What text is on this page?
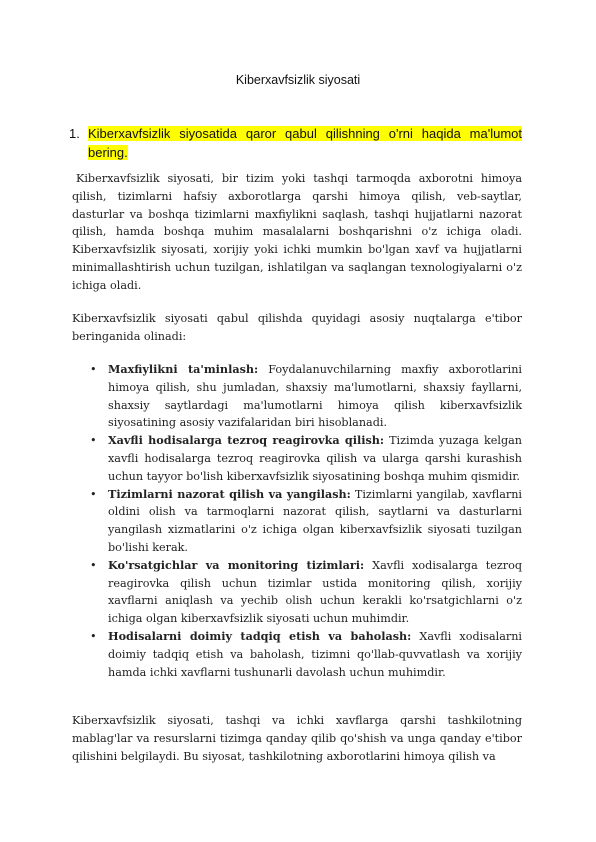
Kiberxavfsizlik siyosati
1. Kiberxavfsizlik siyosatida qaror qabul qilishning o'rni haqida ma'lumot bering.
Kiberxavfsizlik siyosati, bir tizim yoki tashqi tarmoqda axborotni himoya qilish, tizimlarni hafsiy axborotlarga qarshi himoya qilish, veb-saytlar, dasturlar va boshqa tizimlarni maxfiylikni saqlash, tashqi hujjatlarni nazorat qilish, hamda boshqa muhim masalalarni boshqarishni o'z ichiga oladi. Kiberxavfsizlik siyosati, xorijiy yoki ichki mumkin bo'lgan xavf va hujjatlarni minimallashtirish uchun tuzilgan, ishlatilgan va saqlangan texnologiyalarni o'z ichiga oladi.
Kiberxavfsizlik siyosati qabul qilishda quyidagi asosiy nuqtalarga e'tibor beringanida olinadi:
• Maxfiylikni ta'minlash: Foydalanuvchilarning maxfiy axborotlarini himoya qilish, shu jumladan, shaxsiy ma'lumotlarni, shaxsiy fayllarni, shaxsiy saytlardagi ma'lumotlarni himoya qilish kiberxavfsizlik siyosatining asosiy vazifalaridan biri hisoblanadi.
• Xavfli hodisalarga tezroq reagirovka qilish: Tizimda yuzaga kelgan xavfli hodisalarga tezroq reagirovka qilish va ularga qarshi kurashish uchun tayyor bo'lish kiberxavfsizlik siyosatining boshqa muhim qismidir.
• Tizimlarni nazorat qilish va yangilash: Tizimlarni yangilab, xavflarni oldini olish va tarmoqlarni nazorat qilish, saytlarni va dasturlarni yangilash xizmatlarini o'z ichiga olgan kiberxavfsizlik siyosati tuzilgan bo'lishi kerak.
• Ko'rsatgichlar va monitoring tizimlari: Xavfli xodisalarga tezroq reagirovka qilish uchun tizimlar ustida monitoring qilish, xorijiy xavflarni aniqlash va yechib olish uchun kerakli ko'rsatgichlarni o'z ichiga olgan kiberxavfsizlik siyosati uchun muhimdir.
• Hodisalarni doimiy tadqiq etish va baholash: Xavfli xodisalarni doimiy tadqiq etish va baholash, tizimni qo'llab-quvvatlash va xorijiy hamda ichki xavflarni tushunarli davolash uchun muhimdir.
Kiberxavfsizlik siyosati, tashqi va ichki xavflarga qarshi tashkilotning mablag'lar va resurslarni tizimga qanday qilib qo'shish va unga qanday e'tibor qilishini belgilaydi. Bu siyosat, tashkilotning axborotlarini himoya qilish va
